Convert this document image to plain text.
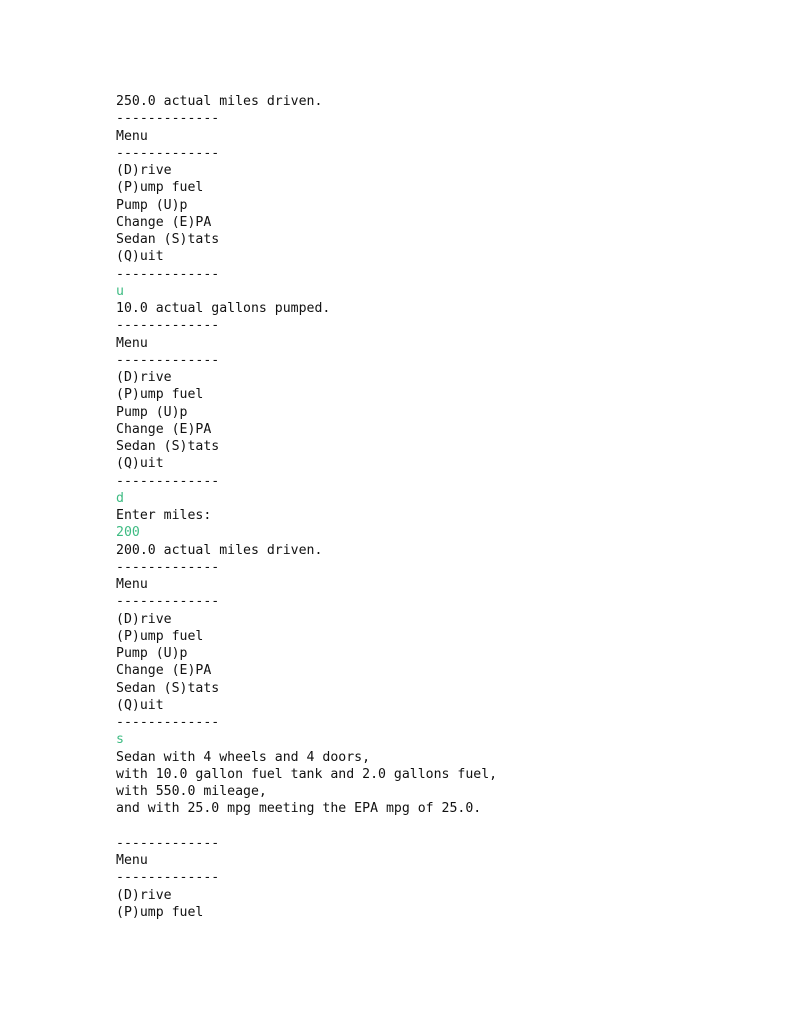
250.0 actual miles driven.
-------------
Menu
-------------
(D)rive
(P)ump fuel
Pump (U)p
Change (E)PA
Sedan (S)tats
(Q)uit
-------------
u
10.0 actual gallons pumped.
-------------
Menu
-------------
(D)rive
(P)ump fuel
Pump (U)p
Change (E)PA
Sedan (S)tats
(Q)uit
-------------
d
Enter miles:
200
200.0 actual miles driven.
-------------
Menu
-------------
(D)rive
(P)ump fuel
Pump (U)p
Change (E)PA
Sedan (S)tats
(Q)uit
-------------
s
Sedan with 4 wheels and 4 doors,
with 10.0 gallon fuel tank and 2.0 gallons fuel,
with 550.0 mileage,
and with 25.0 mpg meeting the EPA mpg of 25.0.
-------------
Menu
-------------
(D)rive
(P)ump fuel
